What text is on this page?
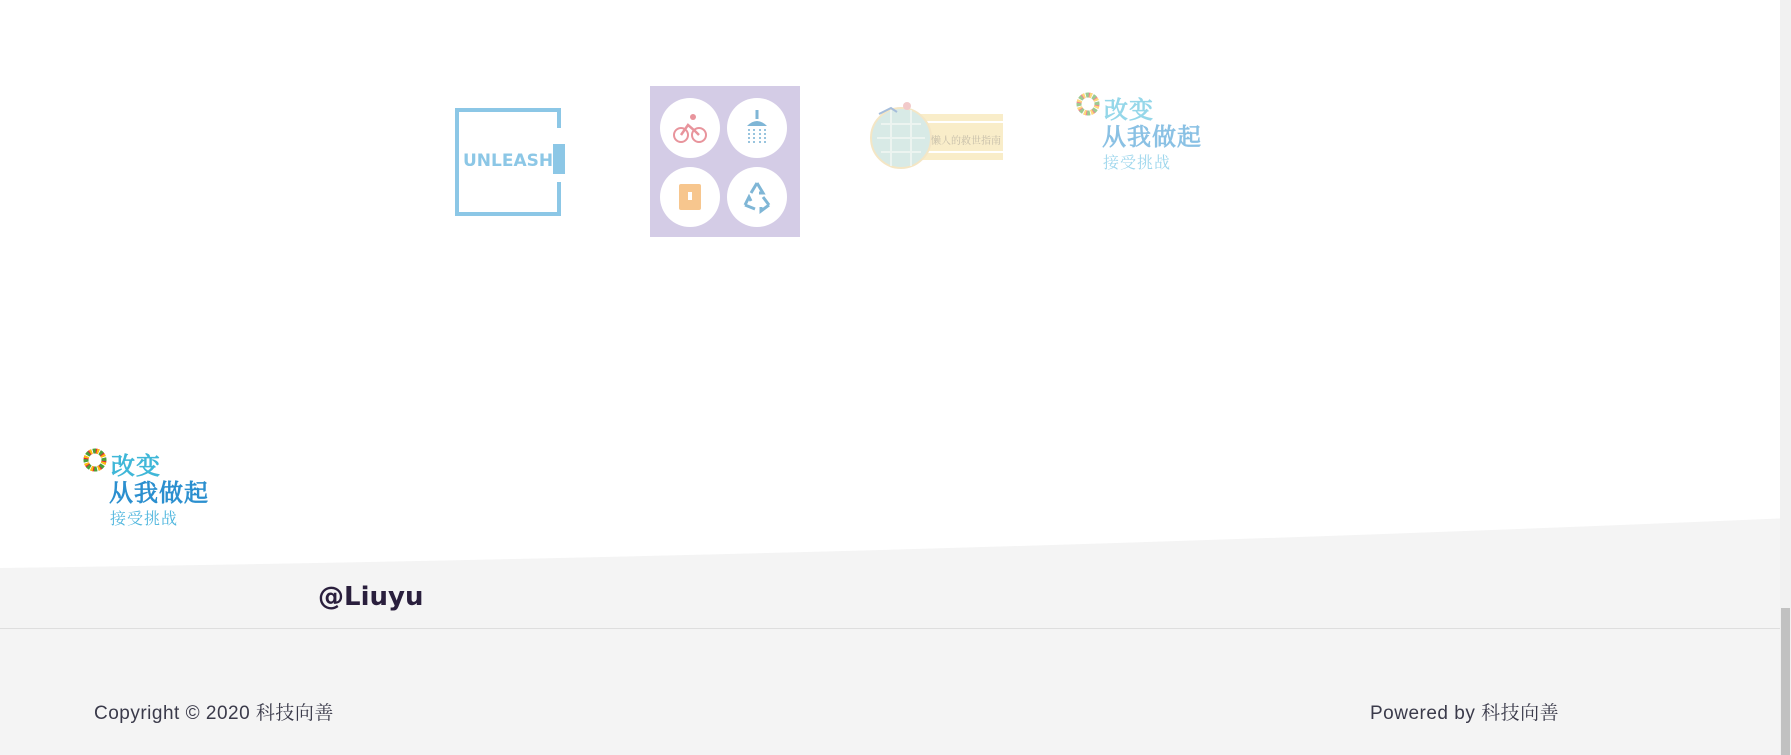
UNLEASH
懒人的救世指南
改变
从我做起
接受挑战
改变
从我做起
接受挑战
@Liuyu
Copyright © 2020 科技向善	Powered by 科技向善
